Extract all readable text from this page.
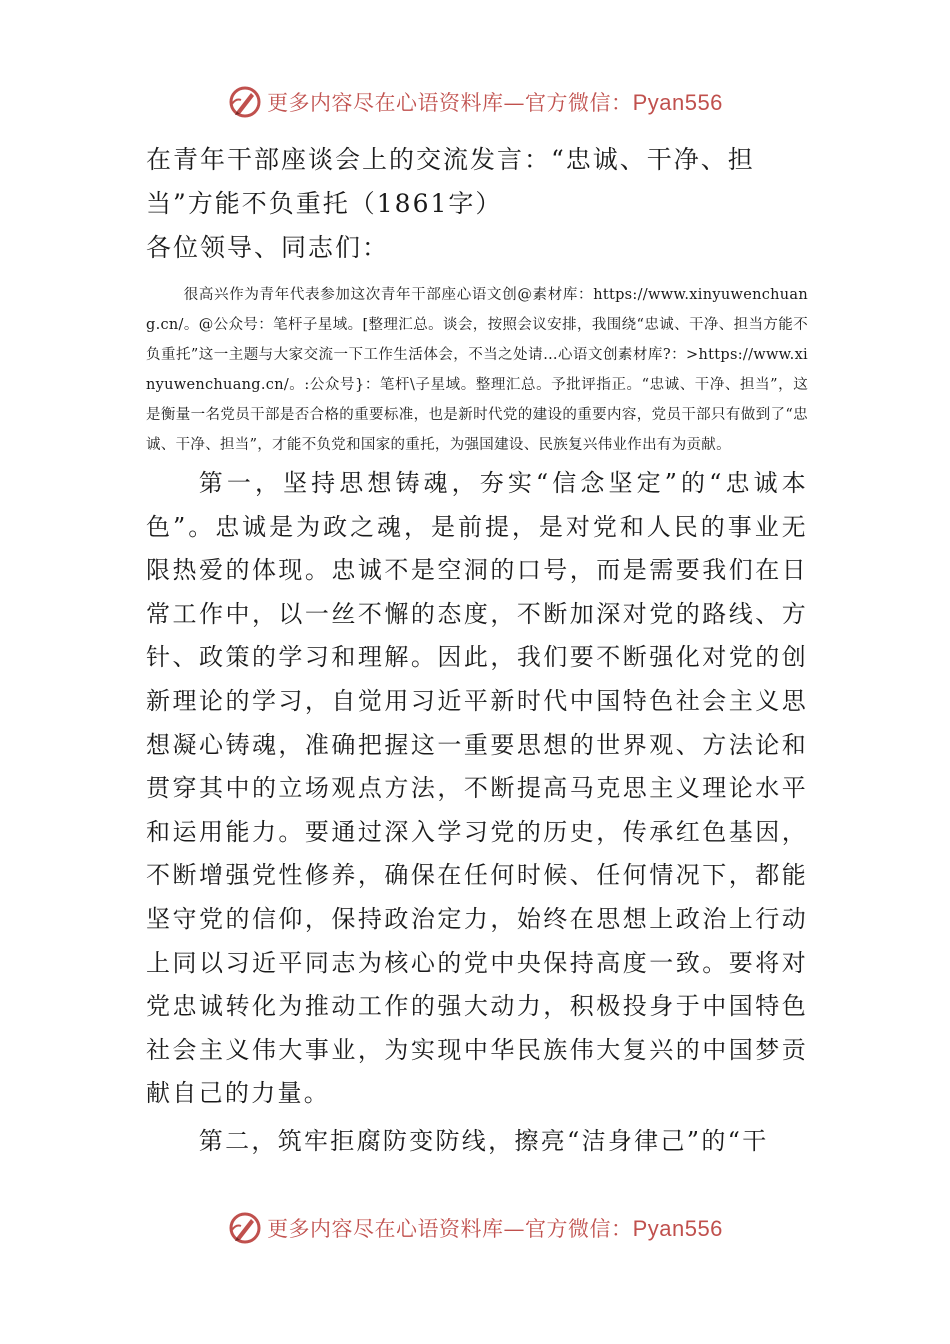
更多内容尽在心语资料库—官方微信：Pyan556
在青年干部座谈会上的交流发言：“忠诚、干净、担当”方能不负重托（1861字）

各位领导、同志们：

很高兴作为青年代表参加这次青年干部座心语文创@素材库：https://www.xinyuwenchuang.cn/。@公众号：笔杆子星域。[整理汇总。谈会，按照会议安排，我围绕“忠诚、干净、担当方能不负重托”这一主题与大家交流一下工作生活体会，不当之处请…心语文创素材库?：>https://www.xinyuwenchuang.cn/。:公众号}：笔杆\子星域。整理汇总。予批评指正。“忠诚、干净、担当”，这是衡量一名党员干部是否合格的重要标准，也是新时代党的建设的重要内容，党员干部只有做到了“忠诚、干净、担当”，才能不负党和国家的重托，为强国建设、民族复兴伟业作出有为贡献。

第一，坚持思想铸魂，夯实“信念坚定”的“忠诚本色”。忠诚是为政之魂，是前提，是对党和人民的事业无限热爱的体现。忠诚不是空洞的口号，而是需要我们在日常工作中，以一丝不懈的态度，不断加深对党的路线、方针、政策的学习和理解。因此，我们要不断强化对党的创新理论的学习，自觉用习近平新时代中国特色社会主义思想凝心铸魂，准确把握这一重要思想的世界观、方法论和贯穿其中的立场观点方法，不断提高马克思主义理论水平和运用能力。要通过深入学习党的历史，传承红色基因，不断增强党性修养，确保在任何时候、任何情况下，都能坚守党的信仰，保持政治定力，始终在思想上政治上行动上同以习近平同志为核心的党中央保持高度一致。要将对党忠诚转化为推动工作的强大动力，积极投身于中国特色社会主义伟大事业，为实现中华民族伟大复兴的中国梦贡献自己的力量。

第二，筑牢拒腐防变防线，擦亮“洁身律己”的“干

更多内容尽在心语资料库—官方微信：Pyan556
